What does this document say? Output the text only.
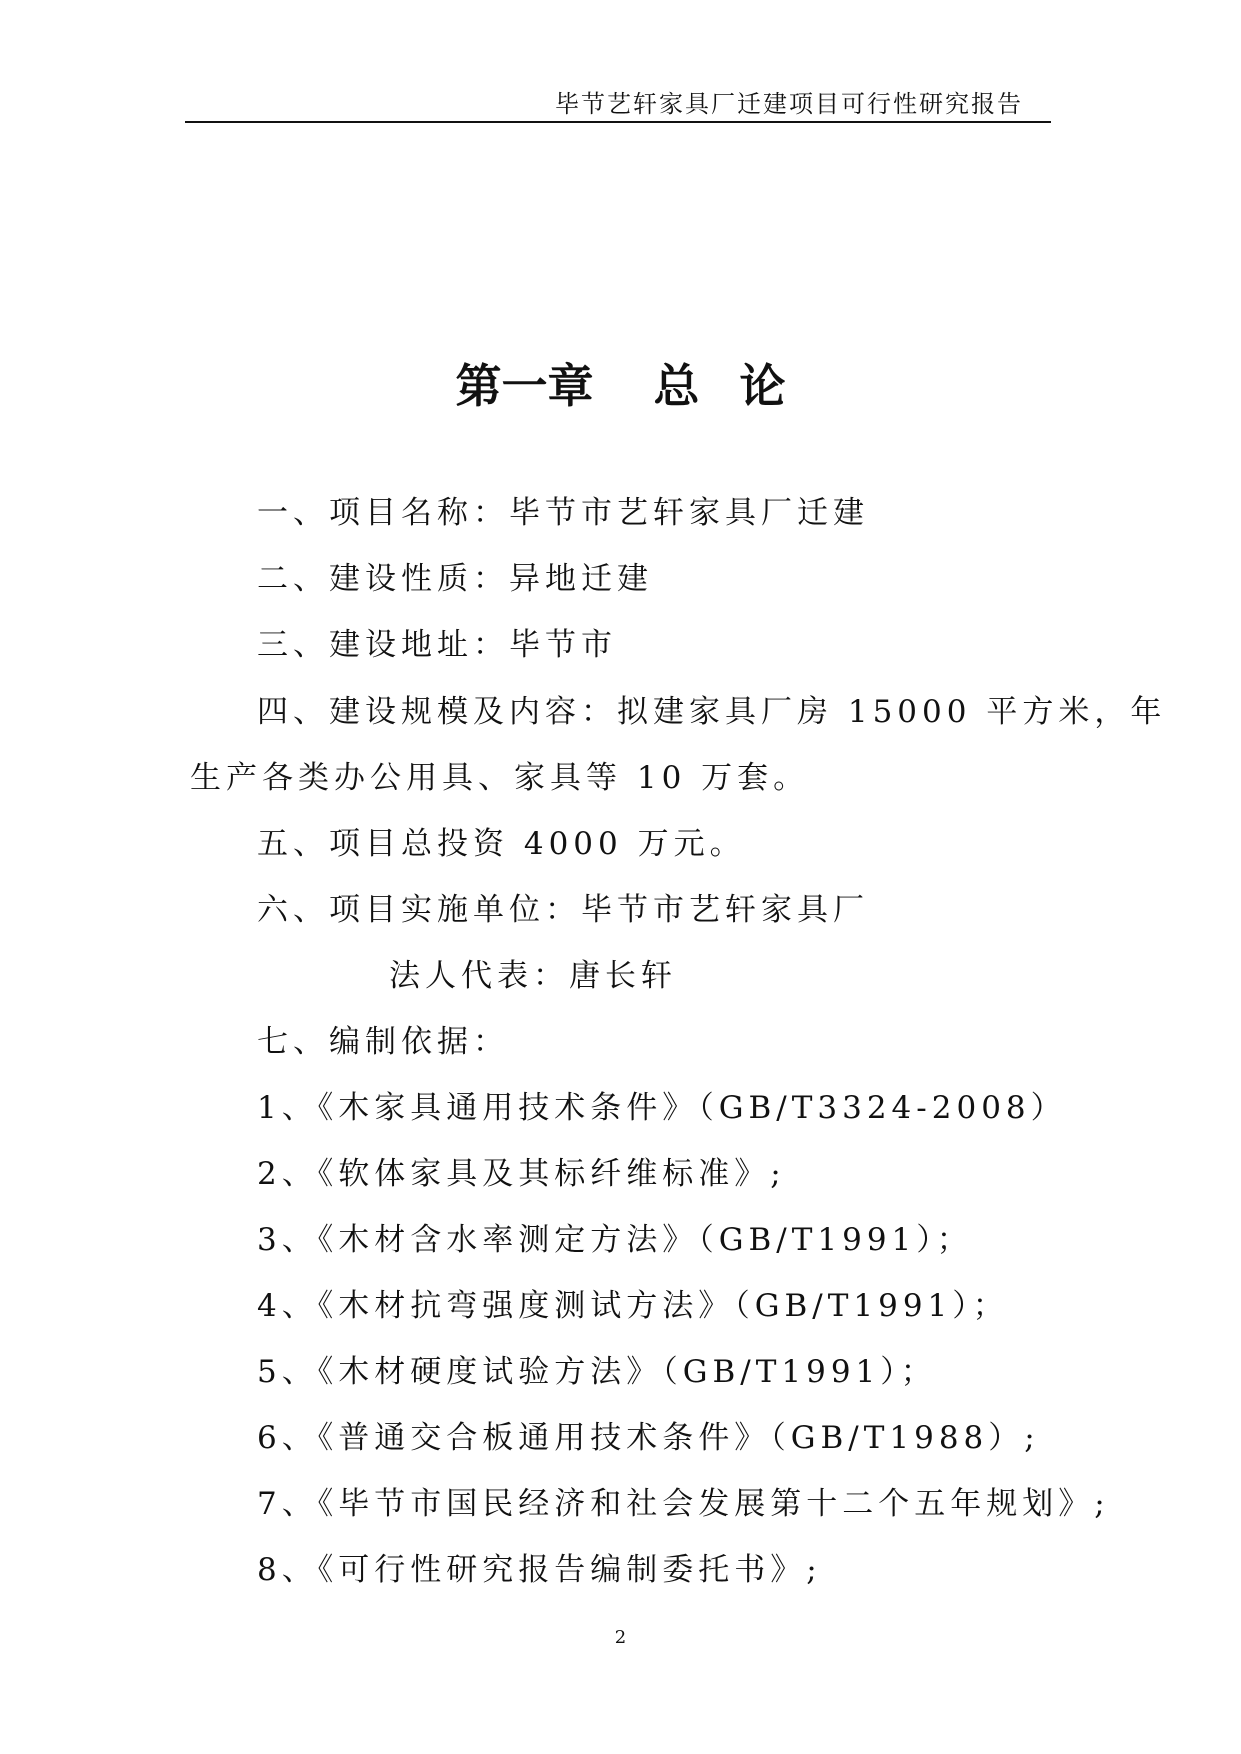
毕节艺轩家具厂迁建项目可行性研究报告
第一章 总 论
一、项目名称：毕节市艺轩家具厂迁建
二、建设性质：异地迁建
三、建设地址：毕节市
四、建设规模及内容：拟建家具厂房 15000 平方米，年
生产各类办公用具、家具等 10 万套。
五、项目总投资 4000 万元。
六、项目实施单位：毕节市艺轩家具厂
法人代表：唐长轩
七、编制依据：
1、《木家具通用技术条件》（GB/T3324-2008）
2、《软体家具及其标纤维标准》;
3、《木材含水率测定方法》（GB/T1991）；
4、《木材抗弯强度测试方法》（GB/T1991）；
5、《木材硬度试验方法》（GB/T1991）；
6、《普通交合板通用技术条件》（GB/T1988）;
7、《毕节市国民经济和社会发展第十二个五年规划》;
8、《可行性研究报告编制委托书》;
2
